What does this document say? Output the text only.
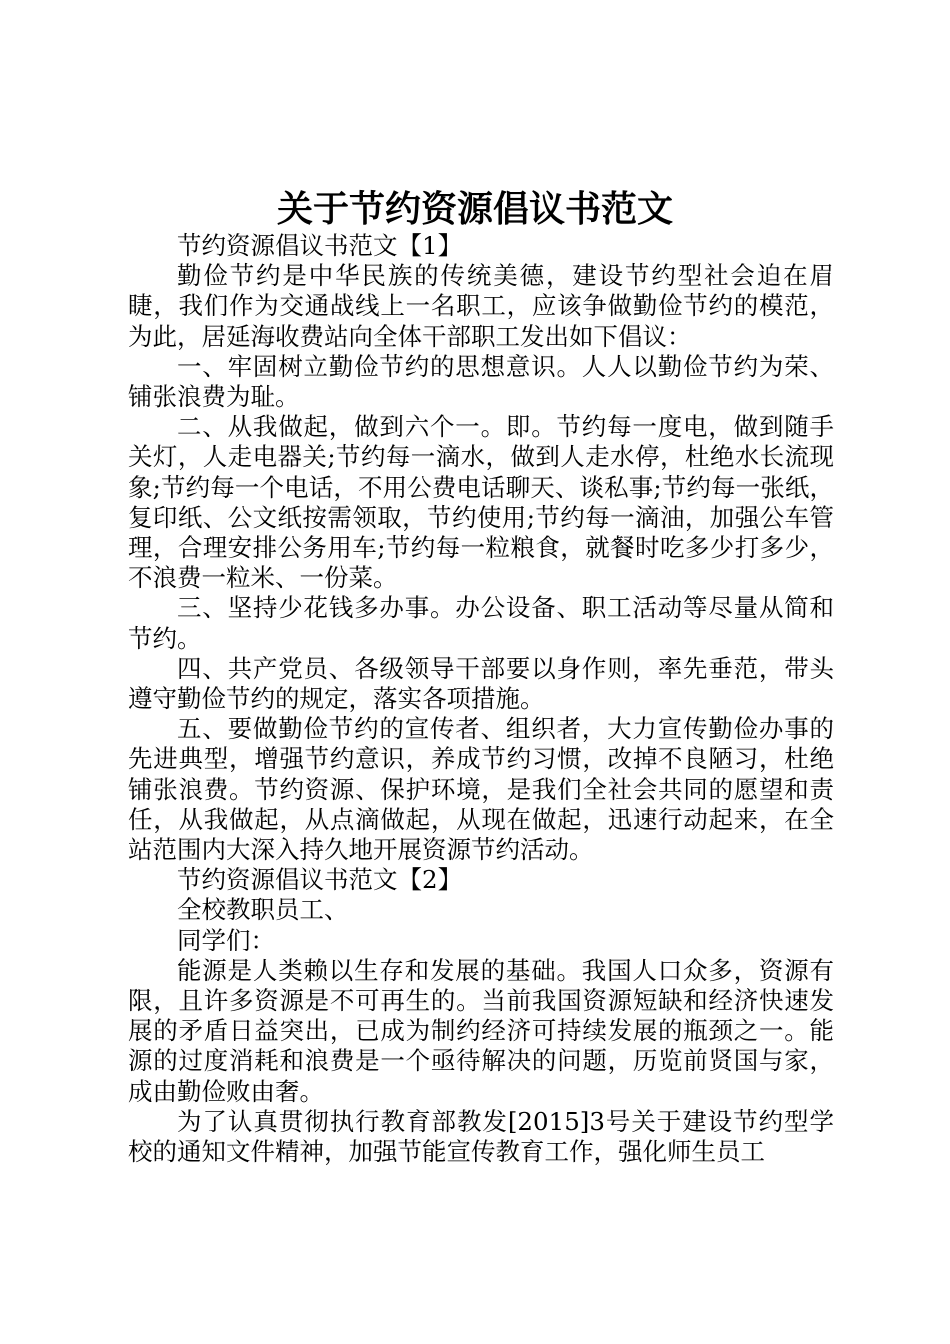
关于节约资源倡议书范文

节约资源倡议书范文【1】

勤俭节约是中华民族的传统美德，建设节约型社会迫在眉睫，我们作为交通战线上一名职工，应该争做勤俭节约的模范，为此，居延海收费站向全体干部职工发出如下倡议：

一、牢固树立勤俭节约的思想意识。人人以勤俭节约为荣、铺张浪费为耻。

二、从我做起，做到六个一。即。节约每一度电，做到随手关灯，人走电器关;节约每一滴水，做到人走水停，杜绝水长流现象;节约每一个电话，不用公费电话聊天、谈私事;节约每一张纸，复印纸、公文纸按需领取，节约使用;节约每一滴油，加强公车管理，合理安排公务用车;节约每一粒粮食，就餐时吃多少打多少，不浪费一粒米、一份菜。

三、坚持少花钱多办事。办公设备、职工活动等尽量从简和节约。

四、共产党员、各级领导干部要以身作则，率先垂范，带头遵守勤俭节约的规定，落实各项措施。

五、要做勤俭节约的宣传者、组织者，大力宣传勤俭办事的先进典型，增强节约意识，养成节约习惯，改掉不良陋习，杜绝铺张浪费。节约资源、保护环境，是我们全社会共同的愿望和责任，从我做起，从点滴做起，从现在做起，迅速行动起来，在全站范围内大深入持久地开展资源节约活动。

节约资源倡议书范文【2】

全校教职员工、

同学们：

能源是人类赖以生存和发展的基础。我国人口众多，资源有限，且许多资源是不可再生的。当前我国资源短缺和经济快速发展的矛盾日益突出，已成为制约经济可持续发展的瓶颈之一。能源的过度消耗和浪费是一个亟待解决的问题，历览前贤国与家，成由勤俭败由奢。

为了认真贯彻执行教育部教发[2015]3号关于建设节约型学校的通知文件精神，加强节能宣传教育工作，强化师生员工
